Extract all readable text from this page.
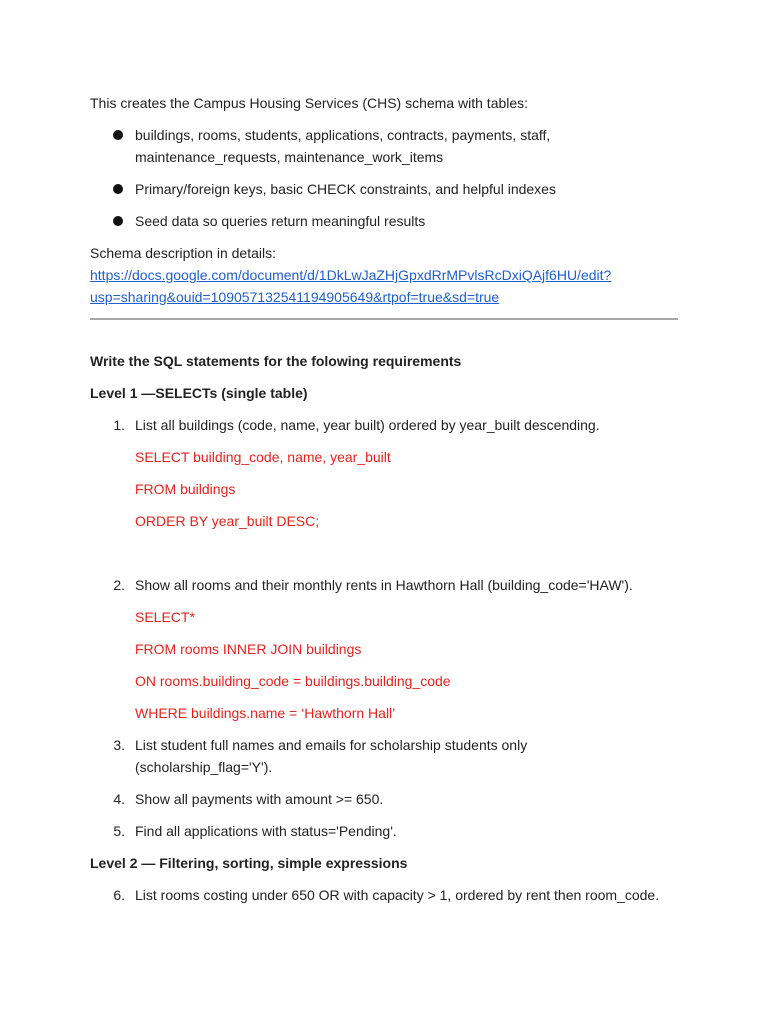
This creates the Campus Housing Services (CHS) schema with tables:
buildings, rooms, students, applications, contracts, payments, staff,
maintenance_requests, maintenance_work_items
Primary/foreign keys, basic CHECK constraints, and helpful indexes
Seed data so queries return meaningful results
Schema description in details:
https://docs.google.com/document/d/1DkLwJaZHjGpxdRrMPvlsRcDxiQAjf6HU/edit?
usp=sharing&ouid=109057132541194905649&rtpof=true&sd=true
Write the SQL statements for the folowing requirements
Level 1 —SELECTs (single table)
1. List all buildings (code, name, year built) ordered by year_built descending.
SELECT building_code, name, year_built
FROM buildings
ORDER BY year_built DESC;
2. Show all rooms and their monthly rents in Hawthorn Hall (building_code='HAW').
SELECT*
FROM rooms INNER JOIN buildings
ON rooms.building_code = buildings.building_code
WHERE buildings.name = ‘Hawthorn Hall’
3. List student full names and emails for scholarship students only
(scholarship_flag='Y').
4. Show all payments with amount >= 650.
5. Find all applications with status='Pending'.
Level 2 — Filtering, sorting, simple expressions
6. List rooms costing under 650 OR with capacity > 1, ordered by rent then room_code.
